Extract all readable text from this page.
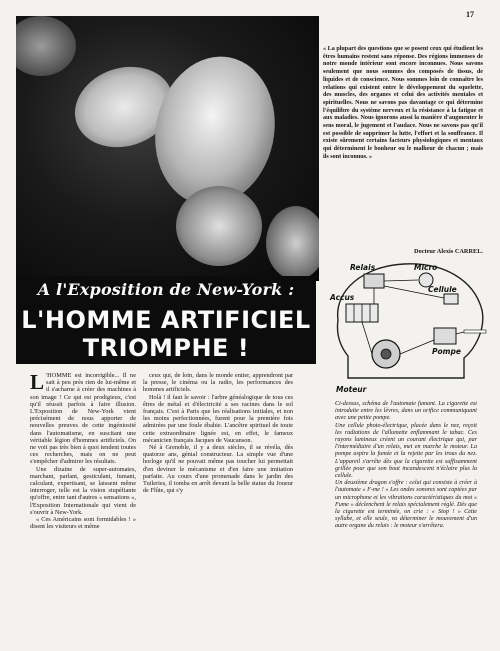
17
« La plupart des questions que se posent ceux qui étudient les êtres humains restent sans réponse. Des régions immenses de notre monde intérieur sont encore inconnues. Nous savons seulement que nous sommes des composés de tissus, de liquides et de conscience. Nous sommes loin de connaître les relations qui existent entre le développement du squelette, des muscles, des organes et celui des activités mentales et spirituelles. Nous ne savons pas davantage ce qui détermine l'équilibre du système nerveux et la résistance à la fatigue et aux maladies. Nous ignorons aussi la manière d'augmenter le sens moral, le jugement et l'audace. Nous ne savons pas qu'il est possible de supprimer la lutte, l'effort et la souffrance. Il existe sûrement certains facteurs physiologiques et mentaux qui déterminent le bonheur ou le malheur de chacun ; mais ils sont inconnus. »
Docteur Alexis CARREL.
Relais	Micro
Cellule
Accus
Pompe
Moteur

Ci-dessus, schéma de l'automate fumant. La cigarette est introduite entre les lèvres, dans un orifice communiquant avec une petite pompe.

Une cellule photo-électrique, placée dans le nez, reçoit les radiations de l'allumette enflammant le tabac. Ces rayons lumineux créent un courant électrique qui, par l'intermédiaire d'un relais, met en marche le moteur. La pompe aspire la fumée et la rejette par les trous du nez. L'appareil s'arrête dès que la cigarette est suffisamment grillée pour que son bout incandescent n'éclaire plus la cellule.

Un deuxième dragon s'offre : celui qui consiste à créer à l'automate « F-me ! » Les ondes sonores sont captées par un microphone et les vibrations caractéristiques du mot « Fume » déclenchent le relais spécialement réglé. Dès que la cigarette est terminée, on crie : « Stop ! » Cette syllabe, et elle seule, va déterminer le mouvement d'un autre organe du relais : le moteur s'arrêtera.

A l'Exposition de New-York :
L'HOMME ARTIFICIEL
TRIOMPHE !

L 'HOMME est incorrigible... Il ne sait à peu près rien de lui-même et il s'acharne à créer des machines à son image ! Ce qui est prodigieux, c'est qu'il réussit parfois à faire illusion. L'Exposition de New-York vient précisément de nous apporter de nouvelles preuves de cette ingéniosité dans l'automatisme, en suscitant une véritable légion d'hommes artificiels. On ne voit pas très bien à quoi tendent toutes ces recherches, mais on ne peut s'empêcher d'admirer les résultats.

Une dizaine de super-automates, marchant, parlant, gesticulant, fumant, calculant, expertisant, se laissent même interroger, telle est la vision stupéfiante qu'offre, entre tant d'autres « sensations », l'Exposition Internationale qui vient de s'ouvrir à New-York.

« Ces Américains sont formidables ! » disent les visiteurs et même

ceux qui, de loin, dans le monde entier, apprendront par la presse, le cinéma ou la radio, les performances des hommes artificiels.

Holà ! il faut le savoir : l'arbre généalogique de tous ces êtres de métal et d'électricité a ses racines dans le sol français. C'est à Paris que les réalisations initiales, et non les moins perfectionnées, furent pour la première fois admirées par une foule ébahie. L'ancêtre spirituel de toute cette extraordinaire lignée est, en effet, le fameux mécanicien français Jacques de Vaucanson.

Né à Grenoble, il y a deux siècles, il se révéla, dès quatorze ans, génial constructeur. La simple vue d'une horloge qu'il ne pouvait même pas toucher lui permettait d'en deviner le mécanisme et d'en faire une imitation parfaite. Au cours d'une promenade dans le jardin des Tuileries, il tomba en arrêt devant la belle statue du Joueur de Flûte, qui s'y
